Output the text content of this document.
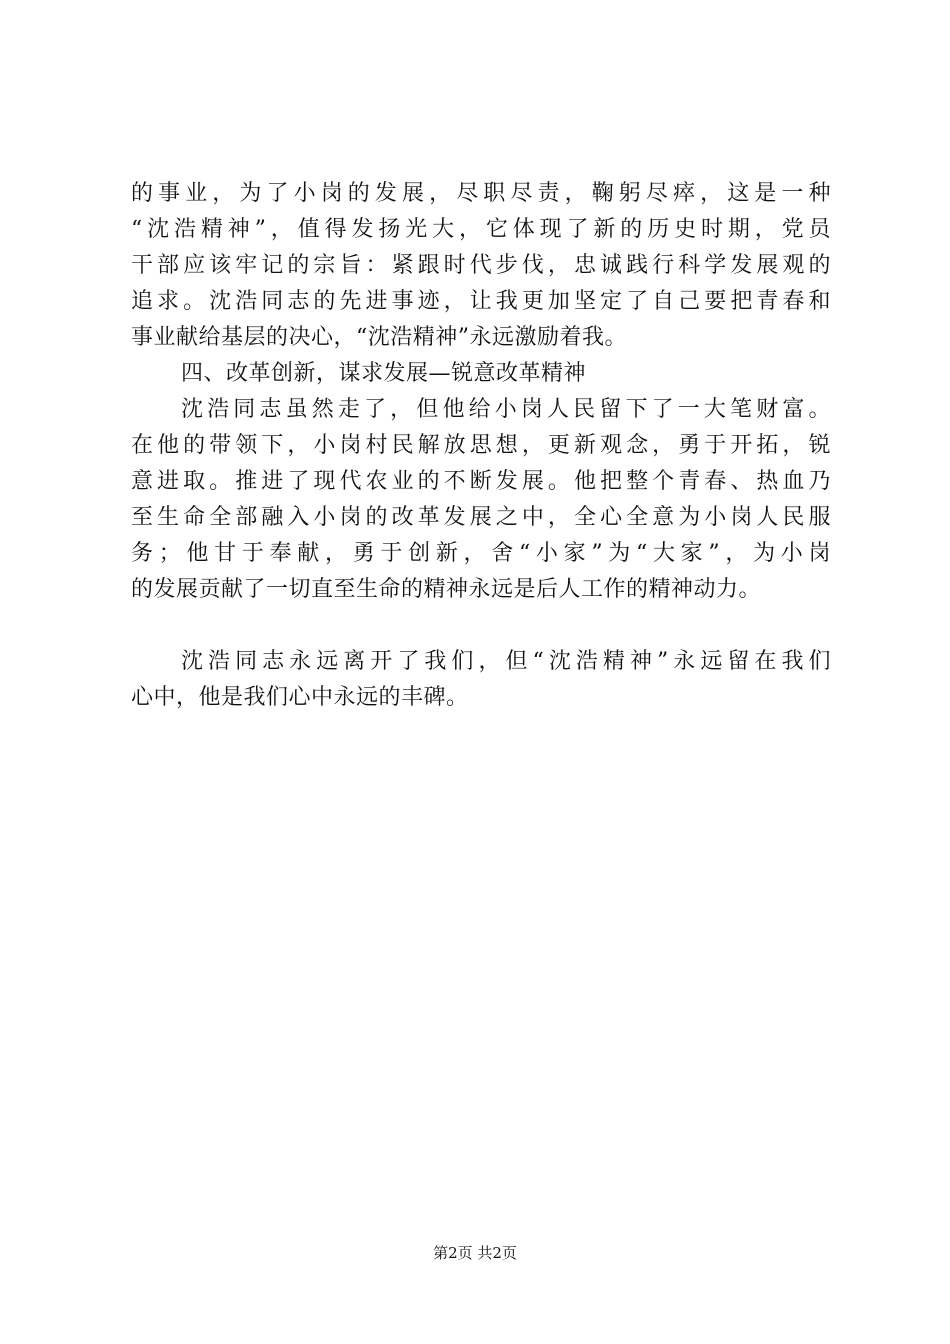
的事业，为了小岗的发展，尽职尽责，鞠躬尽瘁，这是一种
“沈浩精神”，值得发扬光大，它体现了新的历史时期，党员
干部应该牢记的宗旨：紧跟时代步伐，忠诚践行科学发展观的
追求。沈浩同志的先进事迹，让我更加坚定了自己要把青春和
事业献给基层的决心，“沈浩精神”永远激励着我。
四、改革创新，谋求发展—锐意改革精神
沈浩同志虽然走了，但他给小岗人民留下了一大笔财富。
在他的带领下，小岗村民解放思想，更新观念，勇于开拓，锐
意进取。推进了现代农业的不断发展。他把整个青春、热血乃
至生命全部融入小岗的改革发展之中，全心全意为小岗人民服
务；他甘于奉献，勇于创新，舍“小家”为“大家”，为小岗
的发展贡献了一切直至生命的精神永远是后人工作的精神动力。
沈浩同志永远离开了我们，但“沈浩精神”永远留在我们
心中，他是我们心中永远的丰碑。
第2页 共2页
